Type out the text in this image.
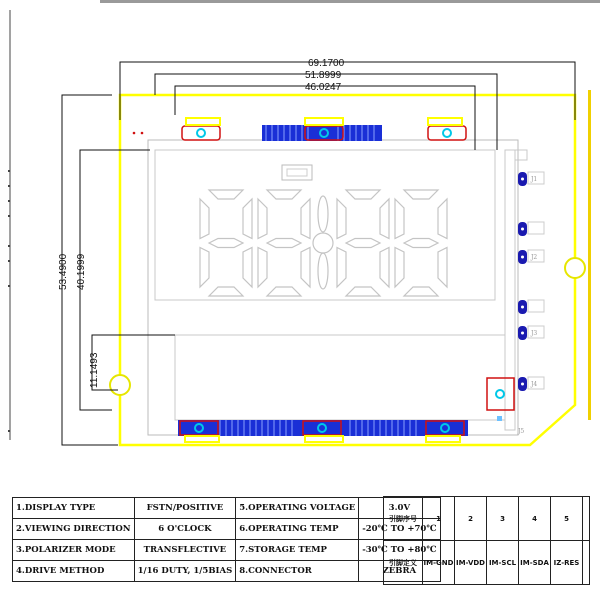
69.1700
51.8999
46.0247
53.4900 40.1999
11.1493
J1
J2
J3
J4
J5
1.DISPLAY TYPE	FSTN/POSITIVE	5.OPERATING VOLTAGE	3.0V
2.VIEWING DIRECTION	6 O'CLOCK	6.OPERATING TEMP	-20℃ TO +70℃
3.POLARIZER MODE	TRANSFLECTIVE	7.STORAGE TEMP	-30℃ TO +80℃
4.DRIVE METHOD	1/16 DUTY, 1/5BIAS	8.CONNECTOR	ZEBRA
引脚序号	1	2	3	4	5	
引脚定义	IM-GND	IM-VDD	IM-SCL	IM-SDA	IZ-RES	
